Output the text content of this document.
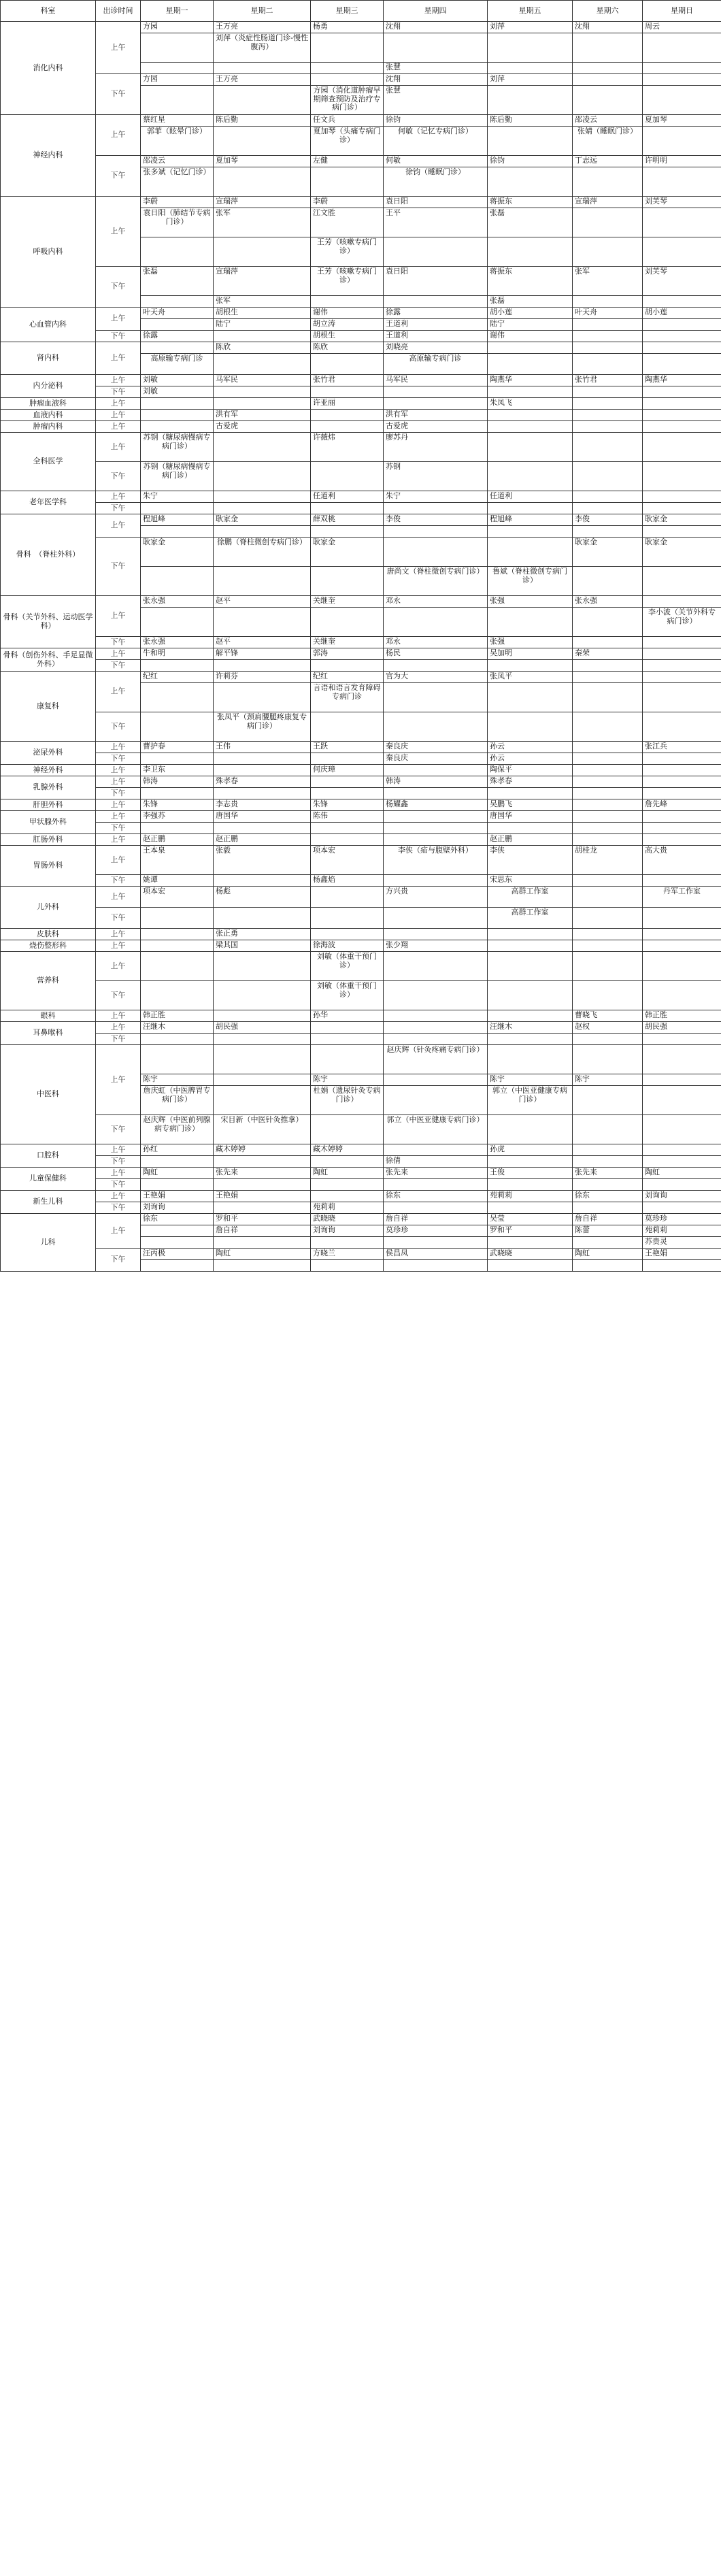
科室	出诊时间	星期一	星期二	星期三	星期四	星期五	星期六	星期日
消化内科	上午	方园	王万亮	杨勇	沈翔	刘萍	沈翔	周云
			刘萍（炎症性肠道门诊-慢性腹泻）					
					张慧			
	下午	方园	王万亮		沈翔	刘萍		
				方园（消化道肿瘤早期筛查预防及治疗专病门诊）	张慧			
神经内科	上午	蔡红星	陈后勤	任文兵	徐钧	陈后勤	邵凌云	夏加琴
		郭菲（眩晕门诊）		夏加琴（头痛专病门诊）	何敏（记忆专病门诊）		张婧（睡眠门诊）	
	下午	邵凌云	夏加琴	左健	何敏	徐钧	丁志远	许明明
		张多斌（记忆门诊）			徐钧（睡眠门诊）			
呼吸内科	上午	李蔚	宣瑞萍	李蔚	袁日阳	蒋振东	宣瑞萍	刘芙琴
		袁日阳（肺结节专病门诊）	张军	江文胜	王平	张磊		
				王芳（咳嗽专病门诊）				
	下午	张磊	宣瑞萍	王芳（咳嗽专病门诊）	袁日阳	蒋振东	张军	刘芙琴
			张军			张磊		
心血管内科	上午	叶天舟	胡根生	谢伟	徐露	胡小莲	叶天舟	胡小莲
			陆宁	胡立涛	王道利	陆宁		
	下午	徐露		胡根生	王道利	谢伟		
肾内科	上午		陈欣	陈欣	刘晓亮			
		高原输专病门诊			高原输专病门诊			
内分泌科	上午	刘敏	马军民	张竹君	马军民	陶燕华	张竹君	陶燕华
	下午	刘敏						
肿瘤血液科	上午			许亚丽		朱凤飞		
血液内科	上午		洪有军		洪有军			
肿瘤内科	上午		古爱虎		古爱虎			
全科医学	上午	苏钢（糖尿病慢病专病门诊）		许薇炜	廖苏丹			
	下午	苏钢（糖尿病慢病专病门诊）			苏钢			
老年医学科	上午	朱宁		任道利	朱宁	任道利		
	下午							
骨科　（脊柱外科）	上午	程旭峰	耿家金	薛双桃	李俊	程旭峰	李俊	耿家金

	下午	耿家金	徐鹏（脊柱微创专病门诊）	耿家金			耿家金	耿家金
					唐尚文（脊柱微创专病门诊）	鲁斌（脊柱微创专病门诊）		
骨科（关节外科、运动医学科）	上午	张永强	赵平	关继奎	邓永	张强	张永强	
								李小波（关节外科专病门诊）
	下午	张永强	赵平	关继奎	邓永	张强		
骨科（创伤外科、手足显微外科）	上午	牛和明	解平锋	郭涛	杨民	吴加明	秦荣	
	下午							
康复科	上午	纪红	许莉芬	纪红	官为大	张凤平		
				言语和语言发育障碍专病门诊				
	下午		张凤平（颈肩腰腿疼康复专病门诊）					
泌尿外科	上午	曹护春	王伟	王跃	秦良庆	孙云		张江兵
	下午				秦良庆	孙云		
神经外科	上午	李卫东		何庆璋		陶保平		
乳腺外科	上午	韩涛	殊孝春		韩涛	殊孝春		
	下午							
肝胆外科	上午	朱锋	李志贵	朱锋	杨耀鑫	吴鹏飞		詹先峰
甲状腺外科	上午	李强苏	唐国华	陈伟		唐国华		
	下午							
肛肠外科	上午	赵正鹏	赵正鹏			赵正鹏		
胃肠外科	上午	王本泉	张毅	项本宏	李侠（疝与腹壁外科）	李侠	胡桂龙	高大贵
	下午	姚谭		杨鑫焰		宋思东		
儿外科	上午	项本宏	杨彪		方兴贵	高群工作室		丹军工作室
	下午					高群工作室		
皮肤科	上午		张正勇					
烧伤整形科	上午		梁其国	徐海波	张少翔			
营养科	上午			刘敏（体重干预门诊）				
	下午			刘敏（体重干预门诊）				
眼科	上午	韩正胜		孙华			曹晓飞	韩正胜
耳鼻喉科	上午	汪继木	胡民强			汪继木	赵权	胡民强
	下午							
中医科	上午				赵庆辉（针灸疼痛专病门诊）			
		陈宇		陈宇		陈宇	陈宇	
		詹庆虹（中医脾胃专病门诊）		杜娟（遗尿针灸专病门诊）		郭立（中医亚健康专病门诊）		
	下午	赵庆辉（中医前列腺病专病门诊）	宋目新（中医针灸推拿）		郭立（中医亚健康专病门诊）			
口腔科	上午	孙红	藏木婷婷	藏木婷婷		孙虎		
	下午				徐倩			
儿童保健科	上午	陶虹	张先来	陶虹	张先来	王俊	张先来	陶虹
	下午							
新生儿科	上午	王艳娟	王艳娟		徐东	苑莉莉	徐东	刘询询
	下午	刘询询		苑莉莉				
儿科	上午	徐东	罗和平	武晓晓	詹自祥	吴莹	詹自祥	莫珍珍
			詹自祥	刘询询	莫珍珍	罗和平	陈蕾	苑莉莉
								苏贵灵
	下午	汪丙极	陶虹	方晓兰	侯昌凤	武晓晓	陶虹	王艳娟
